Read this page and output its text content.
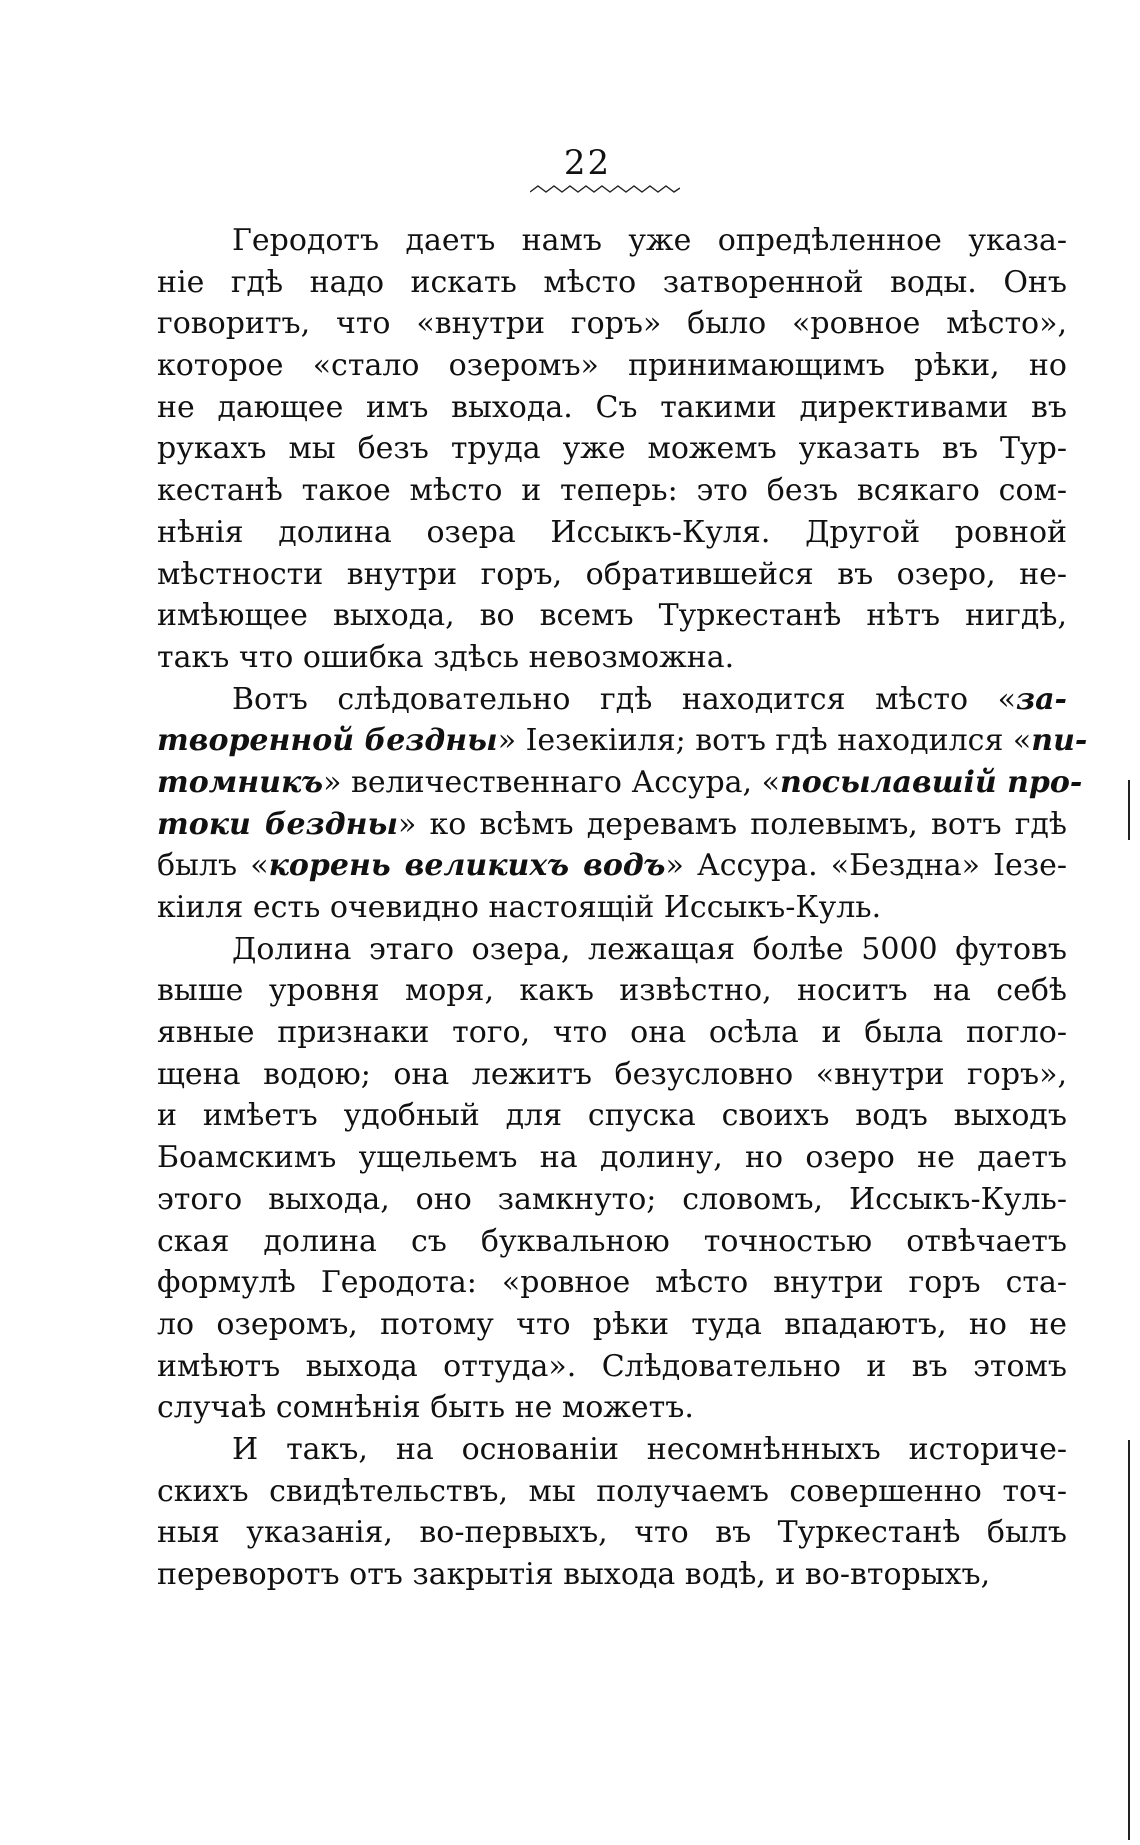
22
Геродотъ даетъ намъ уже опредѣленное указа-
ніе гдѣ надо искать мѣсто затворенной воды. Онъ
говоритъ, что «внутри горъ» было «ровное мѣсто»,
которое «стало озеромъ» принимающимъ рѣки, но
не дающее имъ выхода. Съ такими директивами въ
рукахъ мы безъ труда уже можемъ указать въ Тур-
кестанѣ такое мѣсто и теперь: это безъ всякаго сом-
нѣнія долина озера Иссыкъ-Куля. Другой ровной
мѣстности внутри горъ, обратившейся въ озеро, не-
имѣющее выхода, во всемъ Туркестанѣ нѣтъ нигдѣ,
такъ что ошибка здѣсь невозможна.
Вотъ слѣдовательно гдѣ находится мѣсто «за-
творенной бездны» Іезекіиля; вотъ гдѣ находился «пи-
томникъ» величественнаго Ассура, «посылавшій про-
токи бездны» ко всѣмъ деревамъ полевымъ, вотъ гдѣ
былъ «корень великихъ водъ» Ассура. «Бездна» Іезе-
кіиля есть очевидно настоящій Иссыкъ-Куль.
Долина этаго озера, лежащая болѣе 5000 футовъ
выше уровня моря, какъ извѣстно, носитъ на себѣ
явные признаки того, что она осѣла и была погло-
щена водою; она лежитъ безусловно «внутри горъ»,
и имѣетъ удобный для спуска своихъ водъ выходъ
Боамскимъ ущельемъ на долину, но озеро не даетъ
этого выхода, оно замкнуто; словомъ, Иссыкъ-Куль-
ская долина съ буквальною точностью отвѣчаетъ
формулѣ Геродота: «ровное мѣсто внутри горъ ста-
ло озеромъ, потому что рѣки туда впадаютъ, но не
имѣютъ выхода оттуда». Слѣдовательно и въ этомъ
случаѣ сомнѣнія быть не можетъ.
И такъ, на основаніи несомнѣнныхъ историче-
скихъ свидѣтельствъ, мы получаемъ совершенно точ-
ныя указанія, во-первыхъ, что въ Туркестанѣ былъ
переворотъ отъ закрытія выхода водѣ, и во-вторыхъ,
